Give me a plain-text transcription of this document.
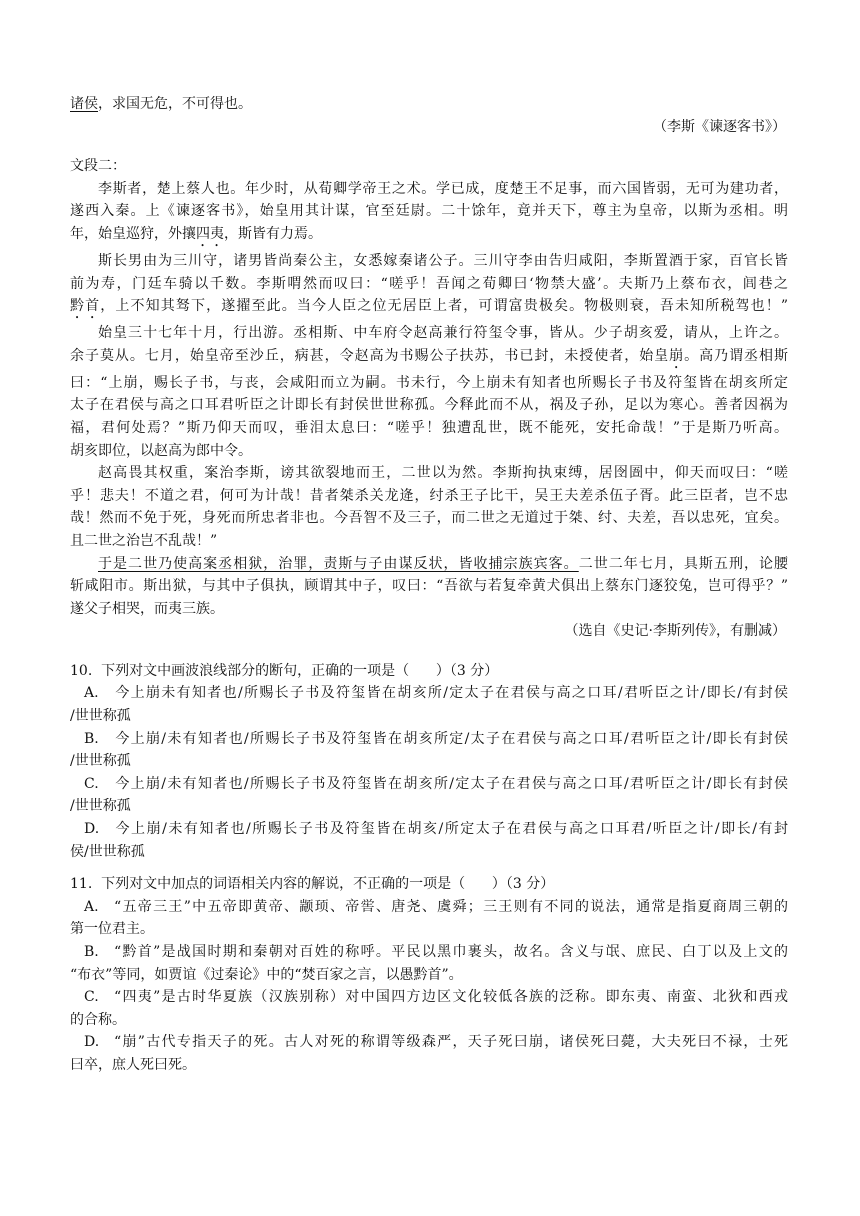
诸侯，求国无危，不可得也。
（李斯《谏逐客书》）
文段二：
李斯者，楚上蔡人也。年少时，从荀卿学帝王之术。学已成，度楚王不足事，而六国皆弱，无可为建功者，
遂西入秦。上《谏逐客书》，始皇用其计谋，官至廷尉。二十馀年，竟并天下，尊主为皇帝，以斯为丞相。明
年，始皇巡狩，外攘四夷，斯皆有力焉。
斯长男由为三川守，诸男皆尚秦公主，女悉嫁秦诸公子。三川守李由告归咸阳，李斯置酒于家，百官长皆
前为寿，门廷车骑以千数。李斯喟然而叹曰：“嗟乎！吾闻之荀卿曰‘物禁大盛’。夫斯乃上蔡布衣，闾巷之
黔首，上不知其驽下，遂擢至此。当今人臣之位无居臣上者，可谓富贵极矣。物极则衰，吾未知所税驾也！”
始皇三十七年十月，行出游。丞相斯、中车府令赵高兼行符玺令事，皆从。少子胡亥爱，请从，上许之。
余子莫从。七月，始皇帝至沙丘，病甚，令赵高为书赐公子扶苏，书已封，未授使者，始皇崩。高乃谓丞相斯
曰：“上崩，赐长子书，与丧，会咸阳而立为嗣。书未行，今上崩未有知者也所赐长子书及符玺皆在胡亥所定
太子在君侯与高之口耳君听臣之计即长有封侯世世称孤。今释此而不从，祸及子孙，足以为寒心。善者因祸为
福，君何处焉？”斯乃仰天而叹，垂泪太息曰：“嗟乎！独遭乱世，既不能死，安托命哉！”于是斯乃听高。
胡亥即位，以赵高为郎中令。
赵高畏其权重，案治李斯，谤其欲裂地而王，二世以为然。李斯拘执束缚，居囹圄中，仰天而叹曰：“嗟
乎！悲夫！不道之君，何可为计哉！昔者桀杀关龙逄，纣杀王子比干，吴王夫差杀伍子胥。此三臣者，岂不忠
哉！然而不免于死，身死而所忠者非也。今吾智不及三子，而二世之无道过于桀、纣、夫差，吾以忠死，宜矣。
且二世之治岂不乱哉！”
于是二世乃使高案丞相狱，治罪，责斯与子由谋反状，皆收捕宗族宾客。二世二年七月，具斯五刑，论腰
斩咸阳市。斯出狱，与其中子俱执，顾谓其中子，叹曰：“吾欲与若复牵黄犬俱出上蔡东门逐狡兔，岂可得乎？”
遂父子相哭，而夷三族。
（选自《史记·李斯列传》，有删减）
10.  下列对文中画波浪线部分的断句，正确的一项是（      ）（3 分）
A. 今上崩未有知者也/所赐长子书及符玺皆在胡亥所/定太子在君侯与高之口耳/君听臣之计/即长/有封侯
/世世称孤
B. 今上崩/未有知者也/所赐长子书及符玺皆在胡亥所定/太子在君侯与高之口耳/君听臣之计/即长有封侯
/世世称孤
C. 今上崩/未有知者也/所赐长子书及符玺皆在胡亥所/定太子在君侯与高之口耳/君听臣之计/即长有封侯
/世世称孤
D. 今上崩/未有知者也/所赐长子书及符玺皆在胡亥/所定太子在君侯与高之口耳君/听臣之计/即长/有封
侯/世世称孤
11.  下列对文中加点的词语相关内容的解说，不正确的一项是（      ）（3 分）
A. “五帝三王”中五帝即黄帝、颛顼、帝喾、唐尧、虞舜；三王则有不同的说法，通常是指夏商周三朝的
第一位君主。
B. “黔首”是战国时期和秦朝对百姓的称呼。平民以黑巾裹头，故名。含义与氓、庶民、白丁以及上文的
“布衣”等同，如贾谊《过秦论》中的“焚百家之言，以愚黔首”。
C. “四夷”是古时华夏族（汉族别称）对中国四方边区文化较低各族的泛称。即东夷、南蛮、北狄和西戎
的合称。
D. “崩”古代专指天子的死。古人对死的称谓等级森严，天子死曰崩，诸侯死曰薨，大夫死曰不禄，士死
曰卒，庶人死曰死。
